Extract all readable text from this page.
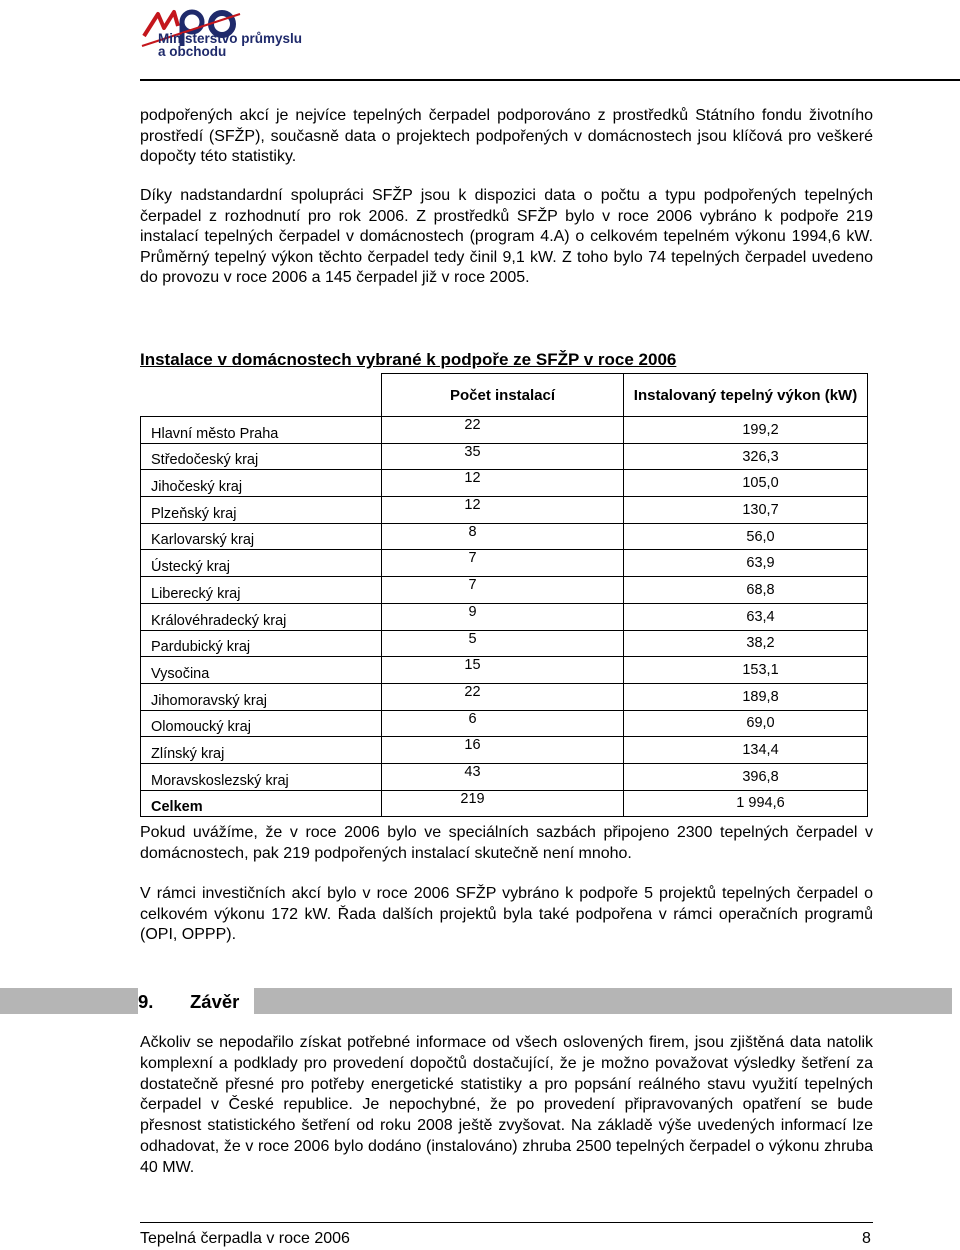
Ministerstvo průmyslu
a obchodu
podpořených akcí je nejvíce tepelných čerpadel podporováno z prostředků Státního fondu životního prostředí (SFŽP), současně data o projektech podpořených v domácnostech jsou klíčová pro veškeré dopočty této statistiky.
Díky nadstandardní spolupráci SFŽP jsou k dispozici data o počtu a typu podpořených tepelných čerpadel z rozhodnutí pro rok 2006. Z prostředků SFŽP bylo v roce 2006 vybráno k podpoře 219 instalací tepelných čerpadel v domácnostech (program 4.A) o celkovém tepelném výkonu 1994,6 kW. Průměrný tepelný výkon těchto čerpadel tedy činil 9,1 kW. Z toho bylo 74 tepelných čerpadel uvedeno do provozu v roce 2006 a 145 čerpadel již v roce 2005.
Instalace v domácnostech vybrané k podpoře ze SFŽP v roce 2006
	Počet instalací	Instalovaný tepelný výkon (kW)
Hlavní město Praha	22	199,2
Středočeský kraj	35	326,3
Jihočeský kraj	12	105,0
Plzeňský kraj	12	130,7
Karlovarský kraj	8	56,0
Ústecký kraj	7	63,9
Liberecký kraj	7	68,8
Královéhradecký kraj	9	63,4
Pardubický kraj	5	38,2
Vysočina	15	153,1
Jihomoravský kraj	22	189,8
Olomoucký kraj	6	69,0
Zlínský kraj	16	134,4
Moravskoslezský kraj	43	396,8
Celkem	219	1 994,6
Pokud uvážíme, že v roce 2006 bylo ve speciálních sazbách připojeno 2300 tepelných čerpadel v domácnostech, pak 219 podpořených instalací skutečně není mnoho.
V rámci investičních akcí bylo v roce 2006 SFŽP vybráno k podpoře 5 projektů tepelných čerpadel o celkovém výkonu 172 kW. Řada dalších projektů byla také podpořena v rámci operačních programů (OPI, OPPP).
9. Závěr
Ačkoliv se nepodařilo získat potřebné informace od všech oslovených firem, jsou zjištěná data natolik komplexní a podklady pro provedení dopočtů dostačující, že je možno považovat výsledky šetření za dostatečně přesné pro potřeby energetické statistiky a pro popsání reálného stavu využití tepelných čerpadel v České republice. Je nepochybné, že po provedení připravovaných opatření se bude přesnost statistického šetření od roku 2008 ještě zvyšovat. Na základě výše uvedených informací lze odhadovat, že v roce 2006 bylo dodáno (instalováno) zhruba 2500 tepelných čerpadel o výkonu zhruba 40 MW.
Tepelná čerpadla v roce 2006	8
